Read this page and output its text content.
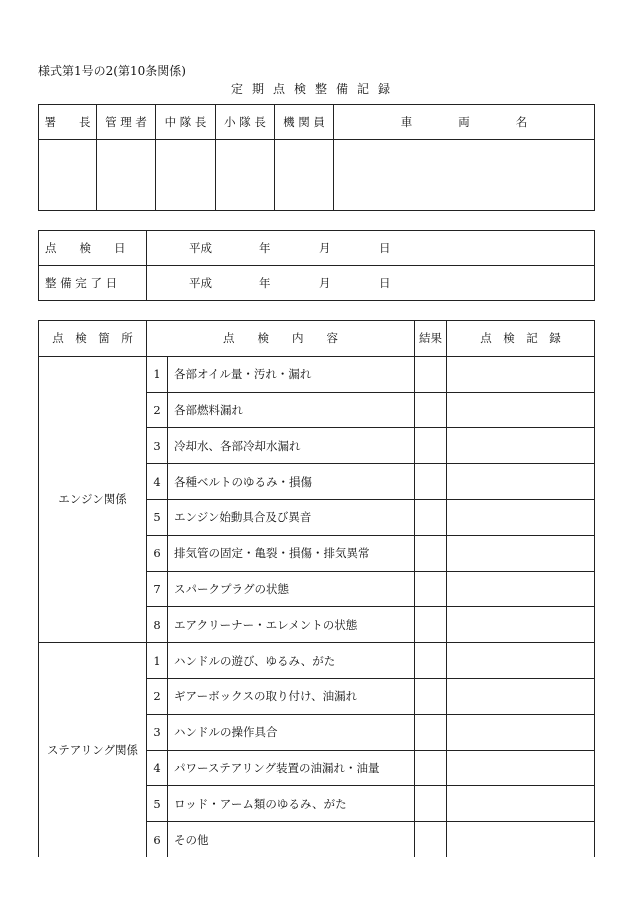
様式第1号の2(第10条関係)
定期点検整備記録
署　　長	管 理 者	中 隊 長	小 隊 長	機 関 員	車　　　　両　　　　名

点　　検　　日	平成 年 月 日
整 備 完 了 日	平成 年 月 日
点　検　箇　所	点　　検　　内　　容		結果	点　検　記　録
エンジン関係	1	各部オイル量・汚れ・漏れ		
	2	各部燃料漏れ		
	3	冷却水、各部冷却水漏れ		
	4	各種ベルトのゆるみ・損傷		
	5	エンジン始動具合及び異音		
	6	排気管の固定・亀裂・損傷・排気異常		
	7	スパークプラグの状態		
	8	エアクリーナー・エレメントの状態		
ステアリング関係	1	ハンドルの遊び、ゆるみ、がた		
	2	ギアーボックスの取り付け、油漏れ		
	3	ハンドルの操作具合		
	4	パワーステアリング装置の油漏れ・油量		
	5	ロッド・アーム類のゆるみ、がた		
	6	その他		
